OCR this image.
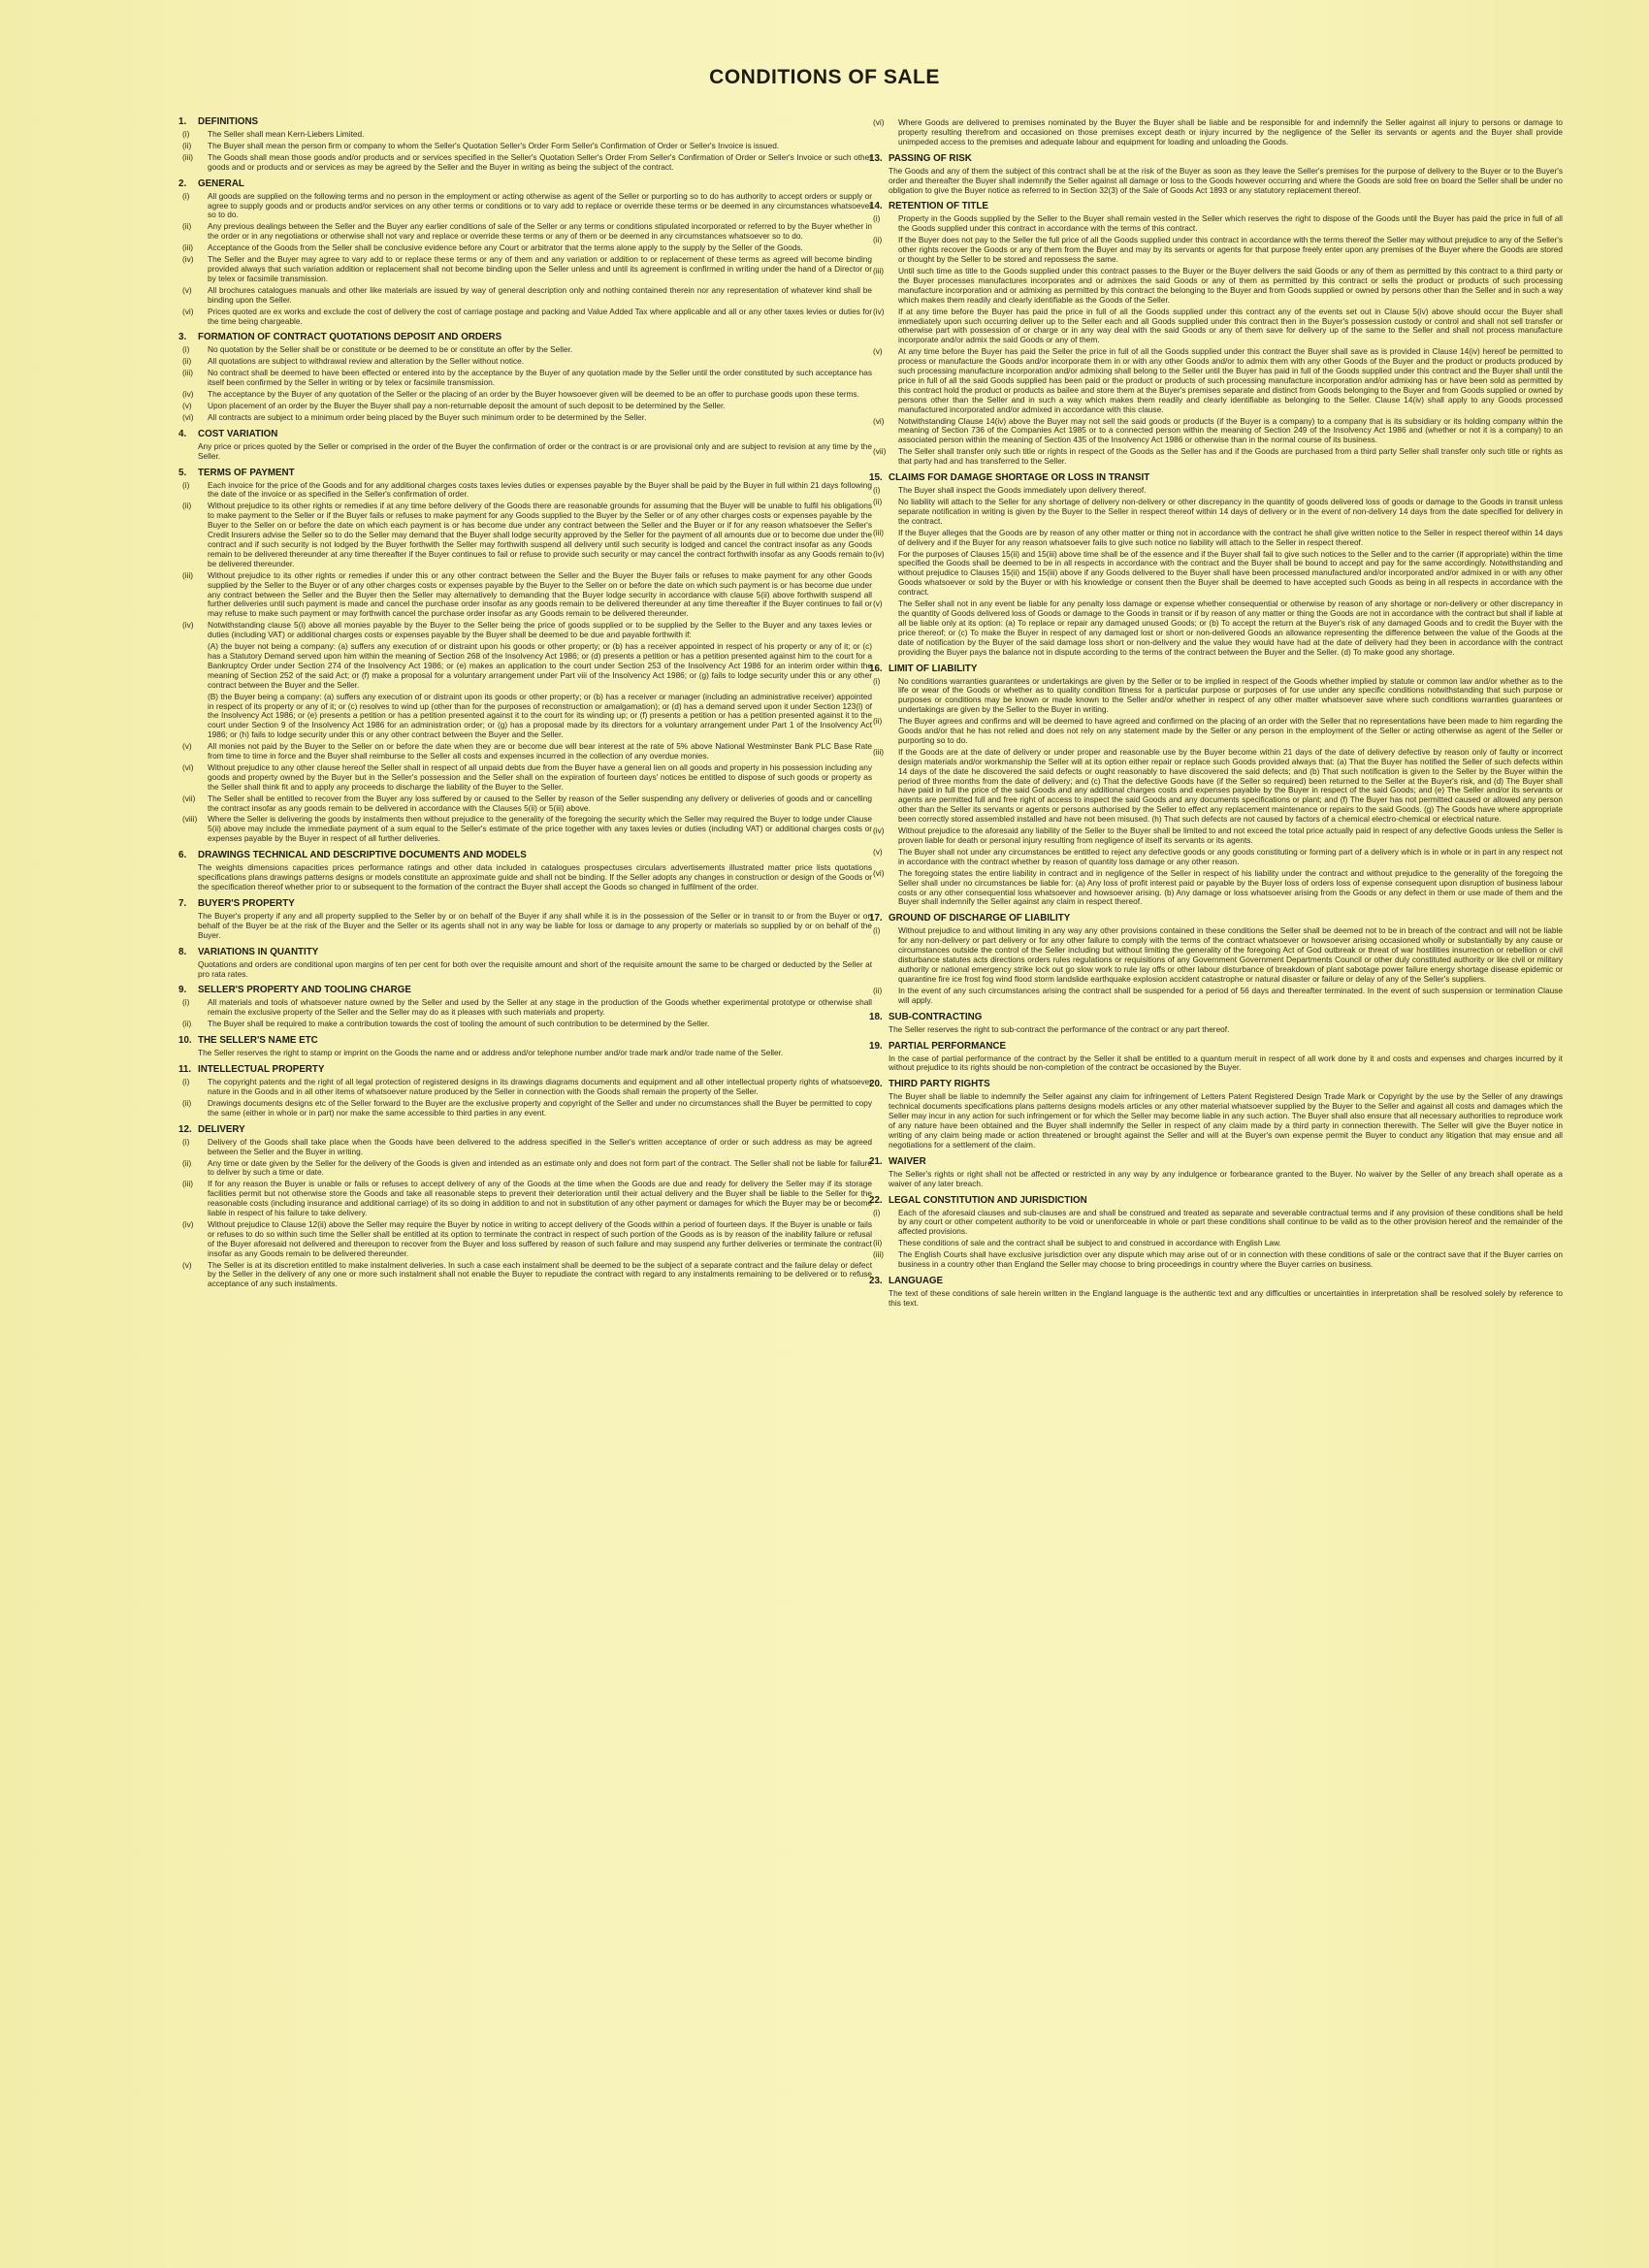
CONDITIONS OF SALE
1. DEFINITIONS
(i)	The Seller shall mean Kern-Liebers Limited.
(ii)	The Buyer shall mean the person firm or company to whom the Seller's Quotation Seller's Order Form Seller's Confirmation of Order or Seller's Invoice is issued.
(iii)	The Goods shall mean those goods and/or products and or services specified in the Seller's Quotation Seller's Order From Seller's Confirmation of Order or Seller's Invoice or such other goods and or products and or services as may be agreed by the Seller and the Buyer in writing as being the subject of the contract.
2. GENERAL
(i)	All goods are supplied on the following terms and no person in the employment or acting otherwise as agent of the Seller or purporting so to do has authority to accept orders or supply or agree to supply goods and or products and/or services on any other terms or conditions or to vary add to replace or override these terms or be deemed in any circumstances whatsoever so to do.
(ii)	Any previous dealings between the Seller and the Buyer any earlier conditions of sale of the Seller or any terms or conditions stipulated incorporated or referred to by the Buyer whether in the order or in any negotiations or otherwise shall not vary and replace or override these terms or any of them or be deemed in any circumstances whatsoever so to do.
(iii)	Acceptance of the Goods from the Seller shall be conclusive evidence before any Court or arbitrator that the terms alone apply to the supply by the Seller of the Goods.
(iv)	The Seller and the Buyer may agree to vary add to or replace these terms or any of them and any variation or addition to or replacement of these terms as agreed will become binding provided always that such variation addition or replacement shall not become binding upon the Seller unless and until its agreement is confirmed in writing under the hand of a Director or by telex or facsimile transmission.
(v)	All brochures catalogues manuals and other like materials are issued by way of general description only and nothing contained therein nor any representation of whatever kind shall be binding upon the Seller.
(vi)	Prices quoted are ex works and exclude the cost of delivery the cost of carriage postage and packing and Value Added Tax where applicable and all or any other taxes levies or duties for the time being chargeable.
3. FORMATION OF CONTRACT QUOTATIONS DEPOSIT AND ORDERS
(i)	No quotation by the Seller shall be or constitute or be deemed to be or constitute an offer by the Seller.
(ii)	All quotations are subject to withdrawal review and alteration by the Seller without notice.
(iii)	No contract shall be deemed to have been effected or entered into by the acceptance by the Buyer of any quotation made by the Seller until the order constituted by such acceptance has itself been confirmed by the Seller in writing or by telex or facsimile transmission.
(iv)	The acceptance by the Buyer of any quotation of the Seller or the placing of an order by the Buyer howsoever given will be deemed to be an offer to purchase goods upon these terms.
(v)	Upon placement of an order by the Buyer the Buyer shall pay a non-returnable deposit the amount of such deposit to be determined by the Seller.
(vi)	All contracts are subject to a minimum order being placed by the Buyer such minimum order to be determined by the Seller.
4. COST VARIATION
Any price or prices quoted by the Seller or comprised in the order of the Buyer the confirmation of order or the contract is or are provisional only and are subject to revision at any time by the Seller.
5. TERMS OF PAYMENT
(i)	Each invoice for the price of the Goods and for any additional charges costs taxes levies duties or expenses payable by the Buyer shall be paid by the Buyer in full within 21 days following the date of the invoice or as specified in the Seller's confirmation of order.
(ii)	Without prejudice to its other rights or remedies if at any time before delivery of the Goods there are reasonable grounds for assuming that the Buyer will be unable to fulfil his obligations to make payment to the Seller or if the Buyer fails or refuses to make payment for any Goods supplied to the Buyer by the Seller or of any other charges costs or expenses payable by the Buyer to the Seller on or before the date on which each payment is or has become due under any contract between the Seller and the Buyer or if for any reason whatsoever the Seller's Credit Insurers advise the Seller so to do the Seller may demand that the Buyer shall lodge security approved by the Seller for the payment of all amounts due or to become due under the contract and if such security is not lodged by the Buyer forthwith the Seller may forthwith suspend all delivery until such security is lodged and cancel the contract insofar as any Goods remain to be delivered thereunder at any time thereafter if the Buyer continues to fail or refuse to provide such security or may cancel the contract forthwith insofar as any Goods remain to be delivered thereunder.
(iii)	Without prejudice to its other rights or remedies if under this or any other contract between the Seller and the Buyer the Buyer fails or refuses to make payment for any other Goods supplied by the Seller to the Buyer or of any other charges costs or expenses payable by the Buyer to the Seller on or before the date on which such payment is or has become due under any contract between the Seller and the Buyer then the Seller may alternatively to demanding that the Buyer lodge security in accordance with clause 5(ii) above forthwith suspend all further deliveries until such payment is made and cancel the purchase order insofar as any goods remain to be delivered thereunder at any time thereafter if the Buyer continues to fail or may refuse to make such payment or may forthwith cancel the purchase order insofar as any Goods remain to be delivered thereunder.
(iv)	Notwithstanding clause 5(i) above all monies payable by the Buyer to the Seller being the price of goods supplied or to be supplied by the Seller to the Buyer and any taxes levies or duties (including VAT) or additional charges costs or expenses payable by the Buyer shall be deemed to be due and payable forthwith if:
(A) the buyer not being a company: (a) suffers any execution of or distraint upon his goods or other property; or (b) has a receiver appointed in respect of his property or any of it; or (c) has a Statutory Demand served upon him within the meaning of Section 268 of the Insolvency Act 1986; or (d) presents a petition or has a petition presented against him to the court for a Bankruptcy Order under Section 274 of the Insolvency Act 1986; or (e) makes an application to the court under Section 253 of the Insolvency Act 1986 for an interim order within the meaning of Section 252 of the said Act; or (f) make a proposal for a voluntary arrangement under Part viii of the Insolvency Act 1986; or (g) fails to lodge security under this or any other contract between the Buyer and the Seller.
(B) the Buyer being a company: (a) suffers any execution of or distraint upon its goods or other property; or (b) has a receiver or manager (including an administrative receiver) appointed in respect of its property or any of it; or (c) resolves to wind up (other than for the purposes of reconstruction or amalgamation); or (d) has a demand served upon it under Section 123(l) of the Insolvency Act 1986; or (e) presents a petition or has a petition presented against it to the court for its winding up; or (f) presents a petition or has a petition presented against it to the court under Section 9 of the Insolvency Act 1986 for an administration order; or (g) has a proposal made by its directors for a voluntary arrangement under Part 1 of the Insolvency Act 1986; or (h) fails to lodge security under this or any other contract between the Buyer and the Seller.
(v)	All monies not paid by the Buyer to the Seller on or before the date when they are or become due will bear interest at the rate of 5% above National Westminster Bank PLC Base Rate from time to time in force and the Buyer shall reimburse to the Seller all costs and expenses incurred in the collection of any overdue monies.
(vi)	Without prejudice to any other clause hereof the Seller shall in respect of all unpaid debts due from the Buyer have a general lien on all goods and property in his possession including any goods and property owned by the Buyer but in the Seller's possession and the Seller shall on the expiration of fourteen days' notices be entitled to dispose of such goods or property as the Seller shall think fit and to apply any proceeds to discharge the liability of the Buyer to the Seller.
(vii)	The Seller shall be entitled to recover from the Buyer any loss suffered by or caused to the Seller by reason of the Seller suspending any delivery or deliveries of goods and or cancelling the contract insofar as any goods remain to be delivered in accordance with the Clauses 5(ii) or 5(iii) above.
(viii)	Where the Seller is delivering the goods by instalments then without prejudice to the generality of the foregoing the security which the Seller may required the Buyer to lodge under Clause 5(ii) above may include the immediate payment of a sum equal to the Seller's estimate of the price together with any taxes levies or duties (including VAT) or additional charges costs or expenses payable by the Buyer in respect of all further deliveries.
6. DRAWINGS TECHNICAL AND DESCRIPTIVE DOCUMENTS AND MODELS
The weights dimensions capacities prices performance ratings and other data included in catalogues prospectuses circulars advertisements illustrated matter price lists quotations specifications plans drawings patterns designs or models constitute an approximate guide and shall not be binding. If the Seller adopts any changes in construction or design of the Goods or the specification thereof whether prior to or subsequent to the formation of the contract the Buyer shall accept the Goods so changed in fulfilment of the order.
7. BUYER'S PROPERTY
The Buyer's property if any and all property supplied to the Seller by or on behalf of the Buyer if any shall while it is in the possession of the Seller or in transit to or from the Buyer or on behalf of the Buyer be at the risk of the Buyer and the Seller or its agents shall not in any way be liable for loss or damage to any property or materials so supplied by or on behalf of the Buyer.
8. VARIATIONS IN QUANTITY
Quotations and orders are conditional upon margins of ten per cent for both over the requisite amount and short of the requisite amount the same to be charged or deducted by the Seller at pro rata rates.
9. SELLER'S PROPERTY AND TOOLING CHARGE
(i)	All materials and tools of whatsoever nature owned by the Seller and used by the Seller at any stage in the production of the Goods whether experimental prototype or otherwise shall remain the exclusive property of the Seller and the Seller may do as it pleases with such materials and property.
(ii)	The Buyer shall be required to make a contribution towards the cost of tooling the amount of such contribution to be determined by the Seller.
10. THE SELLER'S NAME ETC
The Seller reserves the right to stamp or imprint on the Goods the name and or address and/or telephone number and/or trade mark and/or trade name of the Seller.
11. INTELLECTUAL PROPERTY
(i)	The copyright patents and the right of all legal protection of registered designs in its drawings diagrams documents and equipment and all other intellectual property rights of whatsoever nature in the Goods and in all other items of whatsoever nature produced by the Seller in connection with the Goods shall remain the property of the Seller.
(ii)	Drawings documents designs etc of the Seller forward to the Buyer are the exclusive property and copyright of the Seller and under no circumstances shall the Buyer be permitted to copy the same (either in whole or in part) nor make the same accessible to third parties in any event.
12. DELIVERY
(i)	Delivery of the Goods shall take place when the Goods have been delivered to the address specified in the Seller's written acceptance of order or such address as may be agreed between the Seller and the Buyer in writing.
(ii)	Any time or date given by the Seller for the delivery of the Goods is given and intended as an estimate only and does not form part of the contract. The Seller shall not be liable for failure to deliver by such a time or date.
(iii)	If for any reason the Buyer is unable or fails or refuses to accept delivery of any of the Goods at the time when the Goods are due and ready for delivery the Seller may if its storage facilities permit but not otherwise store the Goods and take all reasonable steps to prevent their deterioration until their actual delivery and the Buyer shall be liable to the Seller for the reasonable costs (including insurance and additional carriage) of its so doing in addition to and not in substitution of any other payment or damages for which the Buyer may be or become liable in respect of his failure to take delivery.
(iv)	Without prejudice to Clause 12(ii) above the Seller may require the Buyer by notice in writing to accept delivery of the Goods within a period of fourteen days. If the Buyer is unable or fails or refuses to do so within such time the Seller shall be entitled at its option to terminate the contract in respect of such portion of the Goods as is by reason of the inability failure or refusal of the Buyer aforesaid not delivered and thereupon to recover from the Buyer and loss suffered by reason of such failure and may suspend any further deliveries or terminate the contract insofar as any Goods remain to be delivered thereunder.
(v)	The Seller is at its discretion entitled to make instalment deliveries. In such a case each instalment shall be deemed to be the subject of a separate contract and the failure delay or defect by the Seller in the delivery of any one or more such instalment shall not enable the Buyer to repudiate the contract with regard to any instalments remaining to be delivered or to refuse acceptance of any such instalments.
(vi)	Where Goods are delivered to premises nominated by the Buyer the Buyer shall be liable and be responsible for and indemnify the Seller against all injury to persons or damage to property resulting therefrom and occasioned on those premises except death or injury incurred by the negligence of the Seller its servants or agents and the Buyer shall provide unimpeded access to the premises and adequate labour and equipment for loading and unloading the Goods.
13. PASSING OF RISK
The Goods and any of them the subject of this contract shall be at the risk of the Buyer as soon as they leave the Seller's premises for the purpose of delivery to the Buyer or to the Buyer's order and thereafter the Buyer shall indemnify the Seller against all damage or loss to the Goods however occurring and where the Goods are sold free on board the Seller shall be under no obligation to give the Buyer notice as referred to in Section 32(3) of the Sale of Goods Act 1893 or any statutory replacement thereof.
14. RETENTION OF TITLE
(i)	Property in the Goods supplied by the Seller to the Buyer shall remain vested in the Seller which reserves the right to dispose of the Goods until the Buyer has paid the price in full of all the Goods supplied under this contract in accordance with the terms of this contract.
(ii)	If the Buyer does not pay to the Seller the full price of all the Goods supplied under this contract in accordance with the terms thereof the Seller may without prejudice to any of the Seller's other rights recover the Goods or any of them from the Buyer and may by its servants or agents for that purpose freely enter upon any premises of the Buyer where the Goods are stored or thought by the Seller to be stored and repossess the same.
(iii)	Until such time as title to the Goods supplied under this contract passes to the Buyer or the Buyer delivers the said Goods or any of them as permitted by this contract to a third party or the Buyer processes manufactures incorporates and or admixes the said Goods or any of them as permitted by this contract or sells the product or products of such processing manufacture incorporation and or admixing as permitted by this contract the belonging to the Buyer and from Goods supplied or owned by persons other than the Seller and in such a way which makes them readily and clearly identifiable as the Goods of the Seller.
(iv)	If at any time before the Buyer has paid the price in full of all the Goods supplied under this contract any of the events set out in Clause 5(iv) above should occur the Buyer shall immediately upon such occurring deliver up to the Seller each and all Goods supplied under this contract then in the Buyer's possession custody or control and shall not sell transfer or otherwise part with possession of or charge or in any way deal with the said Goods or any of them save for delivery up of the same to the Seller and shall not process manufacture incorporate and/or admix the said Goods or any of them.
(v)	At any time before the Buyer has paid the Seller the price in full of all the Goods supplied under this contract the Buyer shall save as is provided in Clause 14(iv) hereof be permitted to process or manufacture the Goods and/or incorporate them in or with any other Goods and/or to admix them with any other Goods of the Buyer and the product or products produced by such processing manufacture incorporation and/or admixing shall belong to the Seller until the Buyer has paid in full of the Goods supplied under this contract and the Buyer shall until the price in full of all the said Goods supplied has been paid or the product or products of such processing manufacture incorporation and/or admixing has or have been sold as permitted by this contract hold the product or products as bailee and store them at the Buyer's premises separate and distinct from Goods belonging to the Buyer and from Goods supplied or owned by persons other than the Seller and in such a way which makes them readily and clearly identifiable as belonging to the Seller. Clause 14(iv) shall apply to any Goods processed manufactured incorporated and/or admixed in accordance with this clause.
(vi)	Notwithstanding Clause 14(iv) above the Buyer may not sell the said goods or products (if the Buyer is a company) to a company that is its subsidiary or its holding company within the meaning of Section 736 of the Companies Act 1985 or to a connected person within the meaning of Section 249 of the Insolvency Act 1986 and (whether or not it is a company) to an associated person within the meaning of Section 435 of the Insolvency Act 1986 or otherwise than in the normal course of its business.
(vii)	The Seller shall transfer only such title or rights in respect of the Goods as the Seller has and if the Goods are purchased from a third party Seller shall transfer only such title or rights as that party had and has transferred to the Seller.
15. CLAIMS FOR DAMAGE SHORTAGE OR LOSS IN TRANSIT
(i)	The Buyer shall inspect the Goods immediately upon delivery thereof.
(ii)	No liability will attach to the Seller for any shortage of delivery non-delivery or other discrepancy in the quantity of goods delivered loss of goods or damage to the Goods in transit unless separate notification in writing is given by the Buyer to the Seller in respect thereof within 14 days of delivery or in the event of non-delivery 14 days from the date specified for delivery in the contract.
(iii)	If the Buyer alleges that the Goods are by reason of any other matter or thing not in accordance with the contract he shall give written notice to the Seller in respect thereof within 14 days of delivery and if the Buyer for any reason whatsoever fails to give such notice no liability will attach to the Seller in respect thereof.
(iv)	For the purposes of Clauses 15(ii) and 15(iii) above time shall be of the essence and if the Buyer shall fail to give such notices to the Seller and to the carrier (if appropriate) within the time specified the Goods shall be deemed to be in all respects in accordance with the contract and the Buyer shall be bound to accept and pay for the same accordingly. Notwithstanding and without prejudice to Clauses 15(ii) and 15(iii) above if any Goods delivered to the Buyer shall have been processed manufactured and/or incorporated and/or admixed in or with any other Goods whatsoever or sold by the Buyer or with his knowledge or consent then the Buyer shall be deemed to have accepted such Goods as being in all respects in accordance with the contract.
(v)	The Seller shall not in any event be liable for any penalty loss damage or expense whether consequential or otherwise by reason of any shortage or non-delivery or other discrepancy in the quantity of Goods delivered loss of Goods or damage to the Goods in transit or if by reason of any matter or thing the Goods are not in accordance with the contract but shall if liable at all be liable only at its option: (a) To replace or repair any damaged unused Goods; or (b) To accept the return at the Buyer's risk of any damaged Goods and to credit the Buyer with the price thereof; or (c) To make the Buyer in respect of any damaged lost or short or non-delivered Goods an allowance representing the difference between the value of the Goods at the date of notification by the Buyer of the said damage loss short or non-delivery and the value they would have had at the date of delivery had they been in accordance with the contract providing the Buyer pays the balance not in dispute according to the terms of the contract between the Buyer and the Seller. (d) To make good any shortage.
16. LIMIT OF LIABILITY
(i)	No conditions warranties guarantees or undertakings are given by the Seller or to be implied in respect of the Goods whether implied by statute or common law and/or whether as to the life or wear of the Goods or whether as to quality condition fitness for a particular purpose or purposes of for use under any specific conditions notwithstanding that such purpose or purposes or conditions may be known or made known to the Seller and/or whether in respect of any other matter whatsoever save where such conditions warranties guarantees or undertakings are given by the Seller to the Buyer in writing.
(ii)	The Buyer agrees and confirms and will be deemed to have agreed and confirmed on the placing of an order with the Seller that no representations have been made to him regarding the Goods and/or that he has not relied and does not rely on any statement made by the Seller or any person in the employment of the Seller or acting otherwise as agent of the Seller or purporting so to do.
(iii)	If the Goods are at the date of delivery or under proper and reasonable use by the Buyer become within 21 days of the date of delivery defective by reason only of faulty or incorrect design materials and/or workmanship the Seller will at its option either repair or replace such Goods provided always that: (a) That the Buyer has notified the Seller of such defects within 14 days of the date he discovered the said defects or ought reasonably to have discovered the said defects; and (b) That such notification is given to the Seller by the Buyer within the period of three months from the date of delivery; and (c) That the defective Goods have (if the Seller so required) been returned to the Seller at the Buyer's risk, and (d) The Buyer shall have paid in full the price of the said Goods and any additional charges costs and expenses payable by the Buyer in respect of the said Goods; and (e) The Seller and/or its servants or agents are permitted full and free right of access to inspect the said Goods and any documents specifications or plant; and (f) The Buyer has not permitted caused or allowed any person other than the Seller its servants or agents or persons authorised by the Seller to effect any replacement maintenance or repairs to the said Goods. (g) The Goods have where appropriate been correctly stored assembled installed and have not been misused. (h) That such defects are not caused by factors of a chemical electro-chemical or electrical nature.
(iv)	Without prejudice to the aforesaid any liability of the Seller to the Buyer shall be limited to and not exceed the total price actually paid in respect of any defective Goods unless the Seller is proven liable for death or personal injury resulting from negligence of itself its servants or its agents.
(v)	The Buyer shall not under any circumstances be entitled to reject any defective goods or any goods constituting or forming part of a delivery which is in whole or in part in any respect not in accordance with the contract whether by reason of quantity loss damage or any other reason.
(vi)	The foregoing states the entire liability in contract and in negligence of the Seller in respect of his liability under the contract and without prejudice to the generality of the foregoing the Seller shall under no circumstances be liable for: (a) Any loss of profit interest paid or payable by the Buyer loss of orders loss of expense consequent upon disruption of business labour costs or any other consequential loss whatsoever and howsoever arising. (b) Any damage or loss whatsoever arising from the Goods or any defect in them or use made of them and the Buyer shall indemnify the Seller against any claim in respect thereof.
17. GROUND OF DISCHARGE OF LIABILITY
(i)	Without prejudice to and without limiting in any way any other provisions contained in these conditions the Seller shall be deemed not to be in breach of the contract and will not be liable for any non-delivery or part delivery or for any other failure to comply with the terms of the contract whatsoever or howsoever arising occasioned wholly or substantially by any cause or circumstances outside the control of the Seller including but without limiting the generality of the foregoing Act of God outbreak or threat of war hostilities insurrection or rebellion or civil disturbance statutes acts directions orders rules regulations or requisitions of any Government Government Departments Council or other duly constituted authority or like civil or military authority or national emergency strike lock out go slow work to rule lay offs or other labour disturbance of breakdown of plant sabotage power failure energy shortage disease epidemic or quarantine fire ice frost fog wind flood storm landslide earthquake explosion accident catastrophe or natural disaster or failure or delay of any of the Seller's suppliers.
(ii)	In the event of any such circumstances arising the contract shall be suspended for a period of 56 days and thereafter terminated. In the event of such suspension or termination Clause will apply.
18. SUB-CONTRACTING
The Seller reserves the right to sub-contract the performance of the contract or any part thereof.
19. PARTIAL PERFORMANCE
In the case of partial performance of the contract by the Seller it shall be entitled to a quantum meruit in respect of all work done by it and costs and expenses and charges incurred by it without prejudice to its rights should be non-completion of the contract be occasioned by the Buyer.
20. THIRD PARTY RIGHTS
The Buyer shall be liable to indemnify the Seller against any claim for infringement of Letters Patent Registered Design Trade Mark or Copyright by the use by the Seller of any drawings technical documents specifications plans patterns designs models articles or any other material whatsoever supplied by the Buyer to the Seller and against all costs and damages which the Seller may incur in any action for such infringement or for which the Seller may become liable in any such action. The Buyer shall also ensure that all necessary authorities to reproduce work of any nature have been obtained and the Buyer shall indemnify the Seller in respect of any claim made by a third party in connection therewith. The Seller will give the Buyer notice in writing of any claim being made or action threatened or brought against the Seller and will at the Buyer's own expense permit the Buyer to conduct any litigation that may ensue and all negotiations for a settlement of the claim.
21. WAIVER
The Seller's rights or right shall not be affected or restricted in any way by any indulgence or forbearance granted to the Buyer. No waiver by the Seller of any breach shall operate as a waiver of any later breach.
22. LEGAL CONSTITUTION AND JURISDICTION
(i)	Each of the aforesaid clauses and sub-clauses are and shall be construed and treated as separate and severable contractual terms and if any provision of these conditions shall be held by any court or other competent authority to be void or unenforceable in whole or part these conditions shall continue to be valid as to the other provision hereof and the remainder of the affected provisions.
(ii)	These conditions of sale and the contract shall be subject to and construed in accordance with English Law.
(iii)	The English Courts shall have exclusive jurisdiction over any dispute which may arise out of or in connection with these conditions of sale or the contract save that if the Buyer carries on business in a country other than England the Seller may choose to bring proceedings in country where the Buyer carries on business.
23. LANGUAGE
The text of these conditions of sale herein written in the England language is the authentic text and any difficulties or uncertainties in interpretation shall be resolved solely by reference to this text.
